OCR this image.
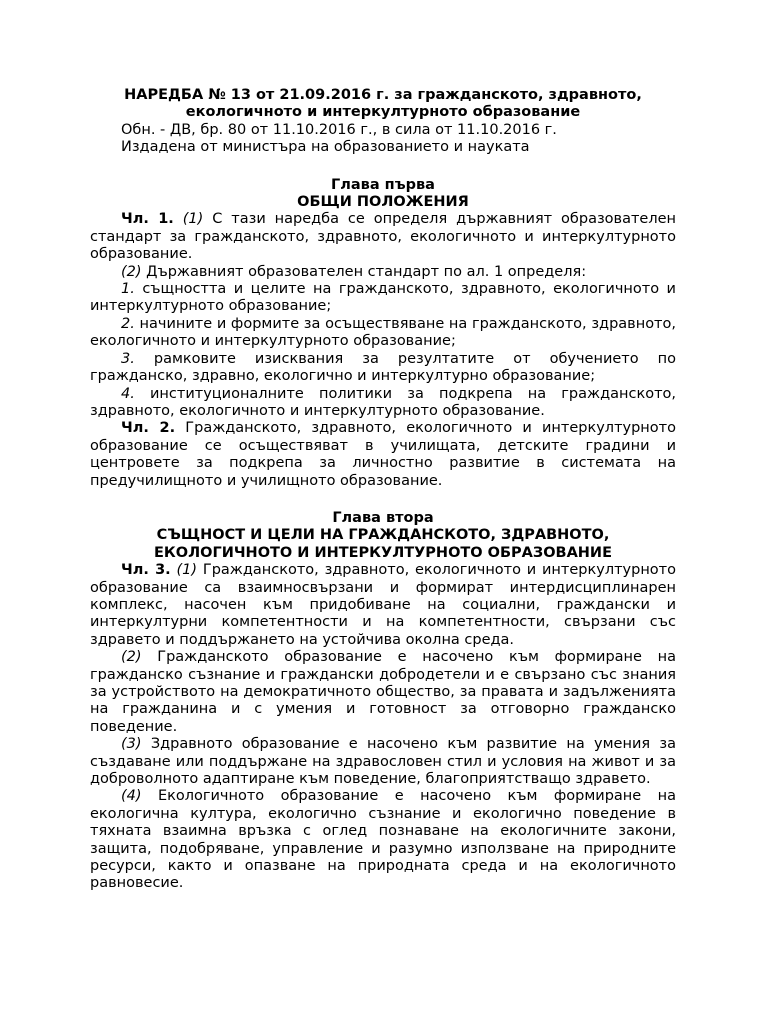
НАРЕДБА № 13 от 21.09.2016 г. за гражданското, здравното,
екологичното и интеркултурното образование
Обн. - ДВ, бр. 80 от 11.10.2016 г., в сила от 11.10.2016 г.
Издадена от министъра на образованието и науката
Глава първа
ОБЩИ ПОЛОЖЕНИЯ
Чл. 1. (1) С тази наредба се определя държавният образователен стандарт за гражданското, здравното, екологичното и интеркултурното образование.
(2) Държавният образователен стандарт по ал. 1 определя:
1. същността и целите на гражданското, здравното, екологичното и интеркултурното образование;
2. начините и формите за осъществяване на гражданското, здравното, екологичното и интеркултурното образование;
3. рамковите изисквания за резултатите от обучението по гражданско, здравно, екологично и интеркултурно образование;
4. институционалните политики за подкрепа на гражданското, здравното, екологичното и интеркултурното образование.
Чл. 2. Гражданското, здравното, екологичното и интеркултурното образование се осъществяват в училищата, детските градини и центровете за подкрепа за личностно развитие в системата на предучилищното и училищното образование.
Глава втора
СЪЩНОСТ И ЦЕЛИ НА ГРАЖДАНСКОТО, ЗДРАВНОТО,
ЕКОЛОГИЧНОТО И ИНТЕРКУЛТУРНОТО ОБРАЗОВАНИЕ
Чл. 3. (1) Гражданското, здравното, екологичното и интеркултурното образование са взаимносвързани и формират интердисциплинарен комплекс, насочен към придобиване на социални, граждански и интеркултурни компетентности и на компетентности, свързани със здравето и поддържането на устойчива околна среда.
(2) Гражданското образование е насочено към формиране на гражданско съзнание и граждански добродетели и е свързано със знания за устройството на демократичното общество, за правата и задълженията на гражданина и с умения и готовност за отговорно гражданско поведение.
(3) Здравното образование е насочено към развитие на умения за създаване или поддържане на здравословен стил и условия на живот и за доброволното адаптиране към поведение, благоприятстващо здравето.
(4) Екологичното образование е насочено към формиране на екологична култура, екологично съзнание и екологично поведение в тяхната взаимна връзка с оглед познаване на екологичните закони, защита, подобряване, управление и разумно използване на природните ресурси, както и опазване на природната среда и на екологичното равновесие.
